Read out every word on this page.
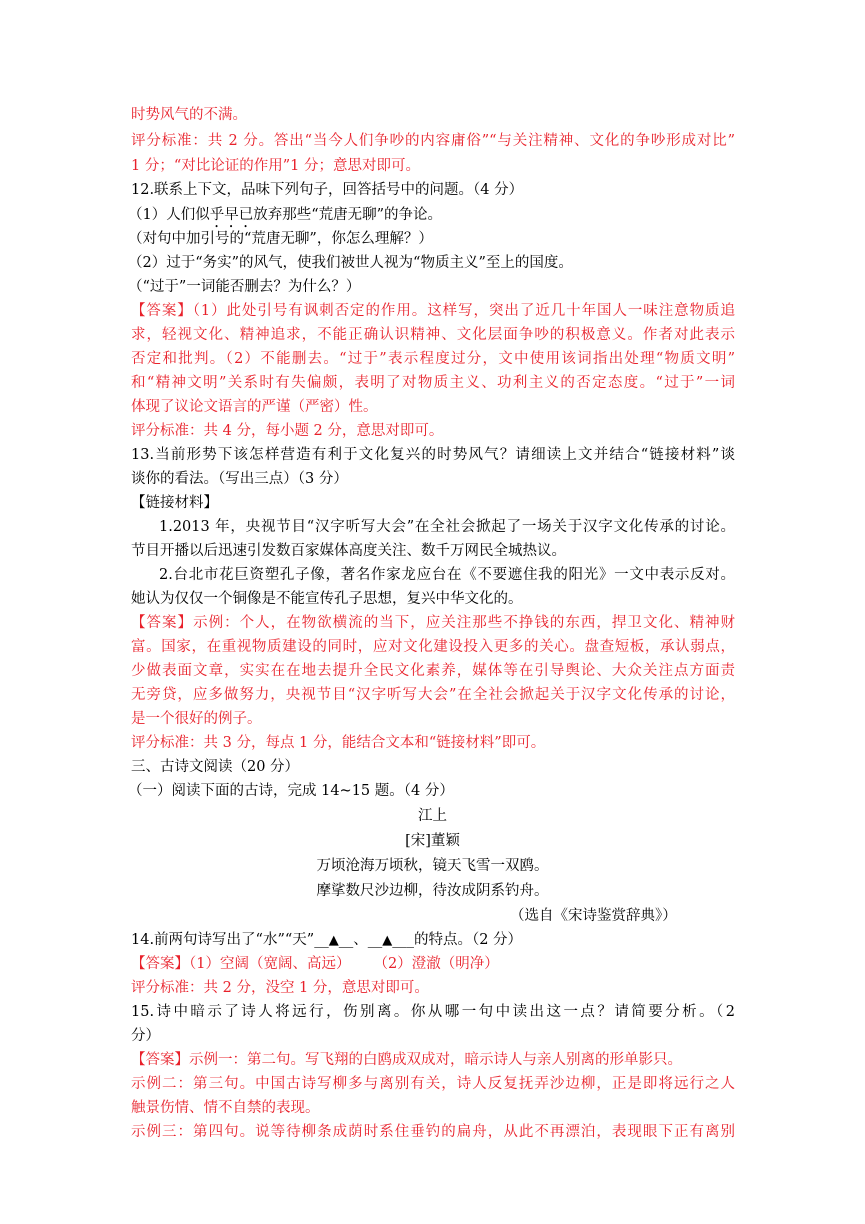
时势风气的不满。
评分标准：共 2 分。答出“当今人们争吵的内容庸俗”“与关注精神、文化的争吵形成对比”
1 分；“对比论证的作用”1 分；意思对即可。
12.联系上下文，品味下列句子，回答括号中的问题。（4 分）
（1）人们似乎早已放弃那些“荒唐无聊”的争论。
（对句中加引号的“荒唐无聊”，你怎么理解？）
（2）过于“务实”的风气，使我们被世人视为“物质主义”至上的国度。
（“过于”一词能否删去？为什么？）
【答案】（1）此处引号有讽刺否定的作用。这样写，突出了近几十年国人一味注意物质追
求，轻视文化、精神追求，不能正确认识精神、文化层面争吵的积极意义。作者对此表示
否定和批判。（2）不能删去。“过于”表示程度过分，文中使用该词指出处理“物质文明”
和“精神文明”关系时有失偏颇，表明了对物质主义、功利主义的否定态度。“过于”一词
体现了议论文语言的严谨（严密）性。
评分标准：共 4 分，每小题 2 分，意思对即可。
13.当前形势下该怎样营造有利于文化复兴的时势风气？请细读上文并结合“链接材料”谈
谈你的看法。（写出三点）（3 分）
【链接材料】
1.2013 年，央视节目“汉字听写大会”在全社会掀起了一场关于汉字文化传承的讨论。
节目开播以后迅速引发数百家媒体高度关注、数千万网民全城热议。
2.台北市花巨资塑孔子像，著名作家龙应台在《不要遮住我的阳光》一文中表示反对。
她认为仅仅一个铜像是不能宣传孔子思想，复兴中华文化的。
【答案】示例：个人，在物欲横流的当下，应关注那些不挣钱的东西，捍卫文化、精神财
富。国家，在重视物质建设的同时，应对文化建设投入更多的关心。盘查短板，承认弱点，
少做表面文章，实实在在地去提升全民文化素养，媒体等在引导舆论、大众关注点方面责
无旁贷，应多做努力，央视节目“汉字听写大会”在全社会掀起关于汉字文化传承的讨论，
是一个很好的例子。
评分标准：共 3 分，每点 1 分，能结合文本和“链接材料”即可。
三、古诗文阅读（20 分）
（一）阅读下面的古诗，完成 14~15 题。（4 分）
江上
[宋]董颖
万顷沧海万顷秋，镜天飞雪一双鸥。
摩挲数尺沙边柳，待汝成阴系钓舟。
（选自《宋诗鉴赏辞典》）
14.前两句诗写出了“水”“天”__▲__、__▲___的特点。（2 分）
【答案】（1）空阔（宽阔、高远）     （2）澄澈（明净）
评分标准：共 2 分，没空 1 分，意思对即可。
15.诗中暗示了诗人将远行，伤别离。你从哪一句中读出这一点？请简要分析。（2
分）
【答案】示例一：第二句。写飞翔的白鸥成双成对，暗示诗人与亲人别离的形单影只。
示例二：第三句。中国古诗写柳多与离别有关，诗人反复抚弄沙边柳，正是即将远行之人
触景伤情、情不自禁的表现。
示例三：第四句。说等待柳条成荫时系住垂钓的扁舟，从此不再漂泊，表现眼下正有离别
